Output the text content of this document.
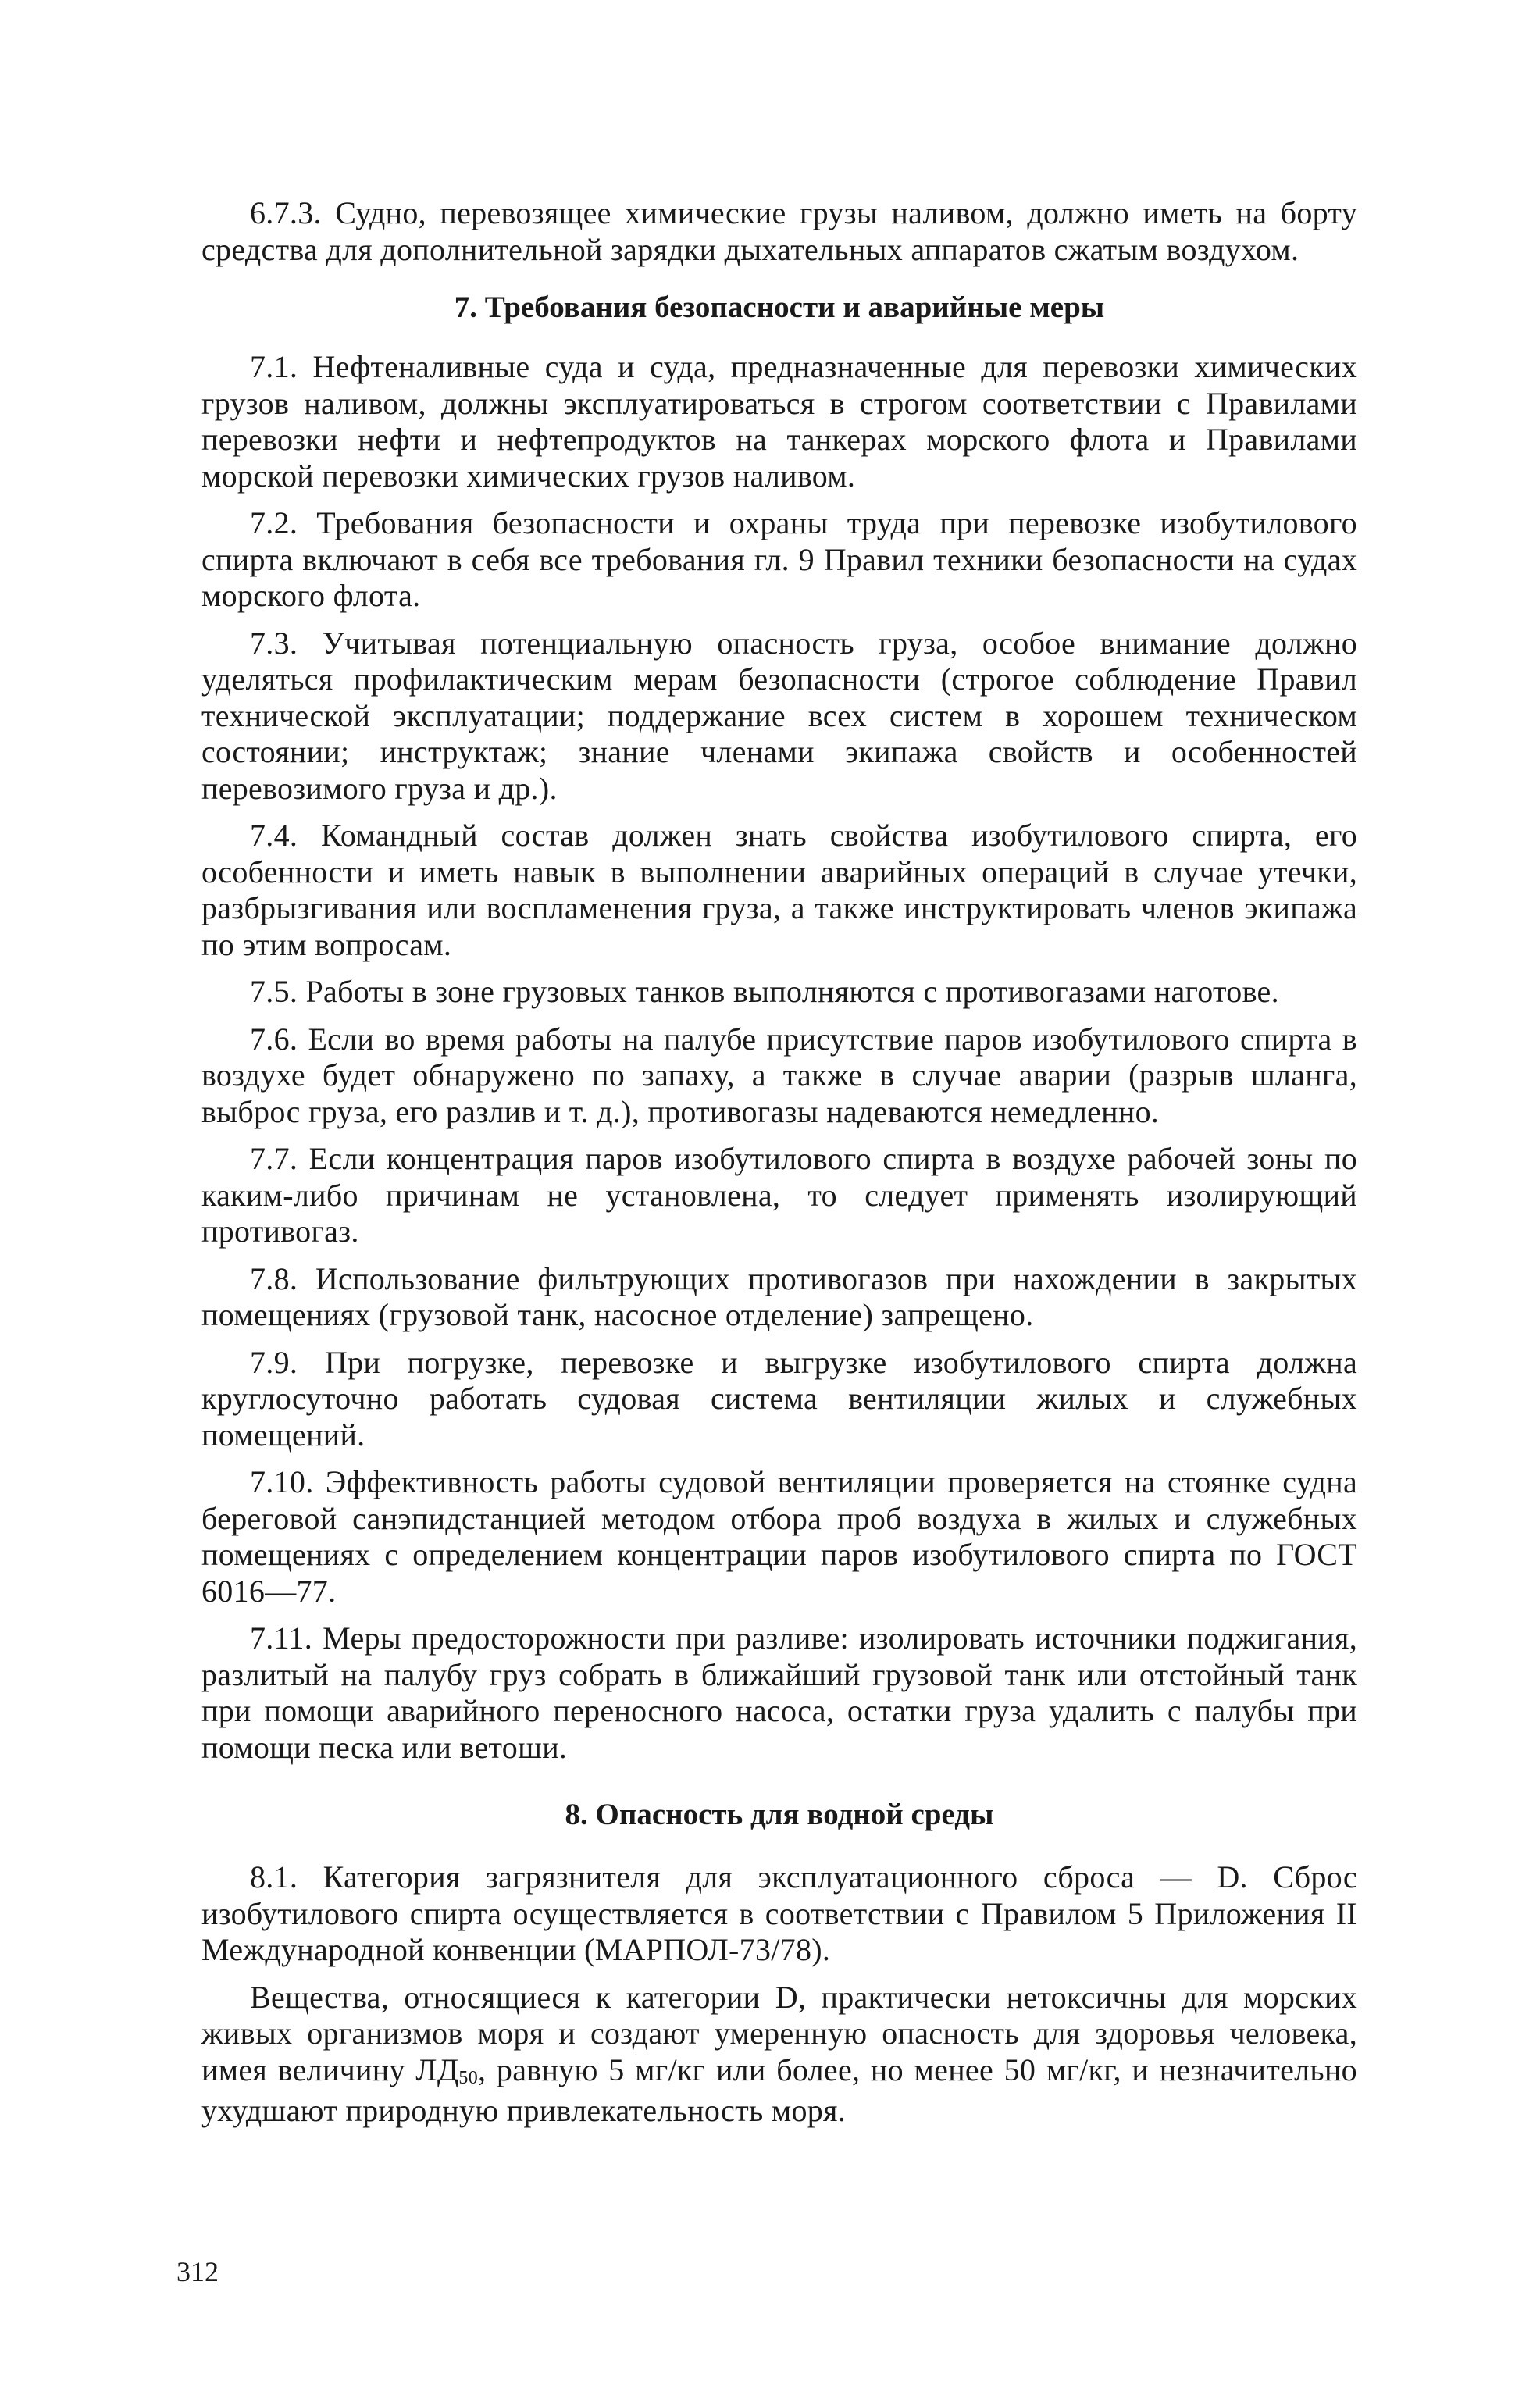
6.7.3. Судно, перевозящее химические грузы наливом, должно иметь на борту средства для дополнительной зарядки дыхательных аппаратов сжатым воздухом.

7. Требования безопасности и аварийные меры

7.1. Нефтеналивные суда и суда, предназначенные для перевозки химических грузов наливом, должны эксплуатироваться в строгом соответствии с Правилами перевозки нефти и нефтепродуктов на танкерах морского флота и Правилами морской перевозки химических грузов наливом.

7.2. Требования безопасности и охраны труда при перевозке изобутилового спирта включают в себя все требования гл. 9 Правил техники безопасности на судах морского флота.

7.3. Учитывая потенциальную опасность груза, особое внимание должно уделяться профилактическим мерам безопасности (строгое соблюдение Правил технической эксплуатации; поддержание всех систем в хорошем техническом состоянии; инструктаж; знание членами экипажа свойств и особенностей перевозимого груза и др.).

7.4. Командный состав должен знать свойства изобутилового спирта, его особенности и иметь навык в выполнении аварийных операций в случае утечки, разбрызгивания или воспламенения груза, а также инструктировать членов экипажа по этим вопросам.

7.5. Работы в зоне грузовых танков выполняются с противогазами наготове.

7.6. Если во время работы на палубе присутствие паров изобутилового спирта в воздухе будет обнаружено по запаху, а также в случае аварии (разрыв шланга, выброс груза, его разлив и т. д.), противогазы надеваются немедленно.

7.7. Если концентрация паров изобутилового спирта в воздухе рабочей зоны по каким-либо причинам не установлена, то следует применять изолирующий противогаз.

7.8. Использование фильтрующих противогазов при нахождении в закрытых помещениях (грузовой танк, насосное отделение) запрещено.

7.9. При погрузке, перевозке и выгрузке изобутилового спирта должна круглосуточно работать судовая система вентиляции жилых и служебных помещений.

7.10. Эффективность работы судовой вентиляции проверяется на стоянке судна береговой санэпидстанцией методом отбора проб воздуха в жилых и служебных помещениях с определением концентрации паров изобутилового спирта по ГОСТ 6016—77.

7.11. Меры предосторожности при разливе: изолировать источники поджигания, разлитый на палубу груз собрать в ближайший грузовой танк или отстойный танк при помощи аварийного переносного насоса, остатки груза удалить с палубы при помощи песка или ветоши.

8. Опасность для водной среды

8.1. Категория загрязнителя для эксплуатационного сброса — D. Сброс изобутилового спирта осуществляется в соответствии с Правилом 5 Приложения II Международной конвенции (МАРПОЛ-73/78).

Вещества, относящиеся к категории D, практически нетоксичны для морских живых организмов моря и создают умеренную опасность для здоровья человека, имея величину $ЛД_{50}$, равную 5 мг/кг или более, но менее 50 мг/кг, и незначительно ухудшают природную привлекательность моря.

312
